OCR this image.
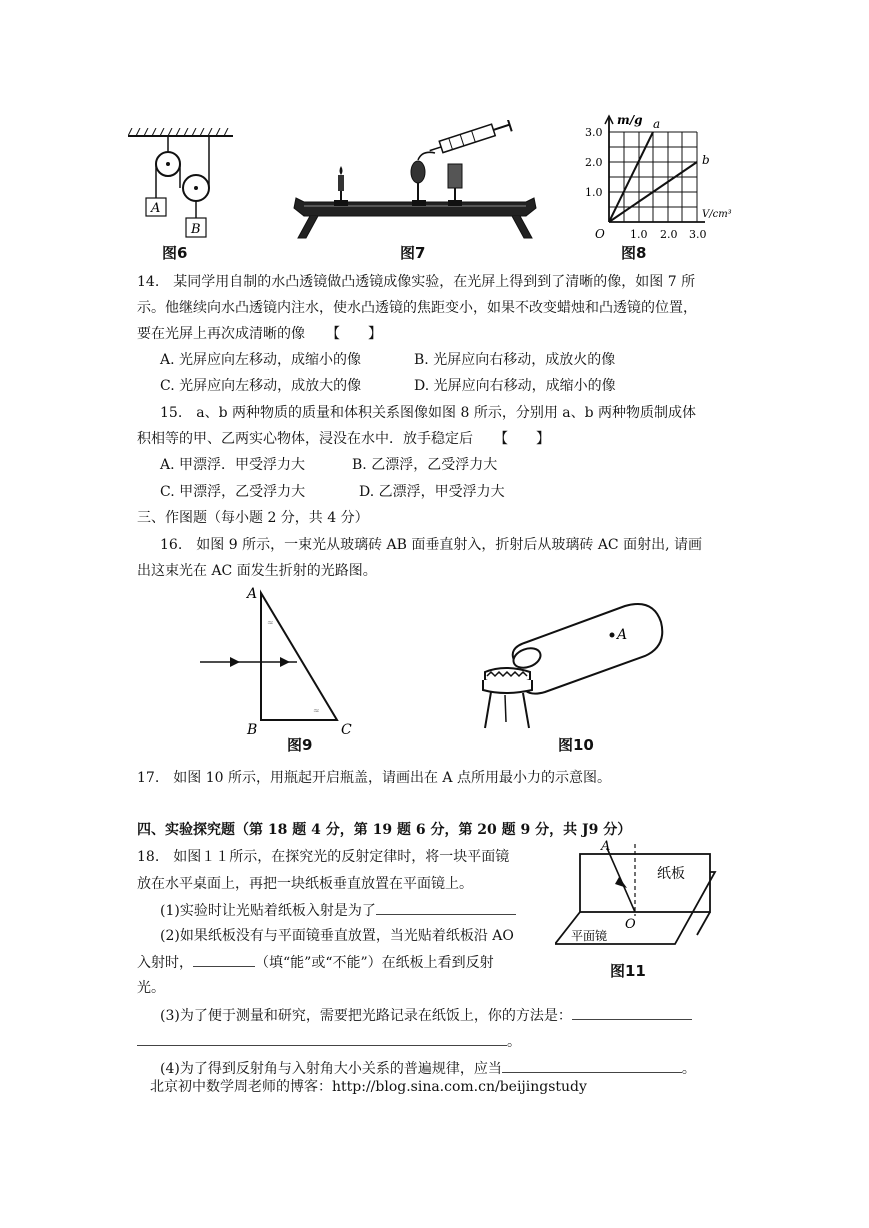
A
B
图6	图7
m/g a
b
3.0
2.0
1.0
O 1.0 2.0 3.0
V/cm³
图8
14.　某同学用自制的水凸透镜做凸透镜成像实验，在光屏上得到到了清晰的像，如图 7 所
示。他继续向水凸透镜内注水，使水凸透镜的焦距变小，如果不改变蜡烛和凸透镜的位置，
要在光屏上再次成清晰的像　　【　　】
A. 光屏应向左移动，成缩小的像	B. 光屏应向右移动，成放火的像
C. 光屏应向左移动，成放大的像	D. 光屏应向右移动，成缩小的像
15.　a、b 两种物质的质量和体积关系图像如图 8 所示，分别用 a、b 两种物质制成体
积相等的甲、乙两实心物体，浸没在水中．放手稳定后　　【　　】
A. 甲漂浮．甲受浮力大	B. 乙漂浮，乙受浮力大
C. 甲漂浮，乙受浮力大	D. 乙漂浮，甲受浮力大
三、作图题（每小题 2 分，共 4 分）
16.　如图 9 所示，一束光从玻璃砖 AB 面垂直射入，折射后从玻璃砖 AC 面射出, 请画
出这束光在 AC 面发生折射的光路图。
≈
≈
A
B	C
图9
A
图10
17.　如图 10 所示，用瓶起开启瓶盖，请画出在 A 点所用最小力的示意图。
四、实验探究题（第 18 题 4 分，第 19 题 6 分，第 20 题 9 分，共 J9 分）
18.　如图１１所示，在探究光的反射定律时，将一块平面镜
放在水平桌面上，再把一块纸板垂直放置在平面镜上。
(1)实验时让光贴着纸板入射是为了
(2)如果纸板没有与平面镜垂直放置，当光贴着纸板沿 AO
入射时，	（填“能”或“不能”）在纸板上看到反射
光。
A
O
纸板
平面镜
图11
(3)为了便于测量和研究，需要把光路记录在纸饭上，你的方法是：
。
(4)为了得到反射角与入射角大小关系的普遍规律，应当	。
北京初中数学周老师的博客：http://blog.sina.com.cn/beijingstudy
